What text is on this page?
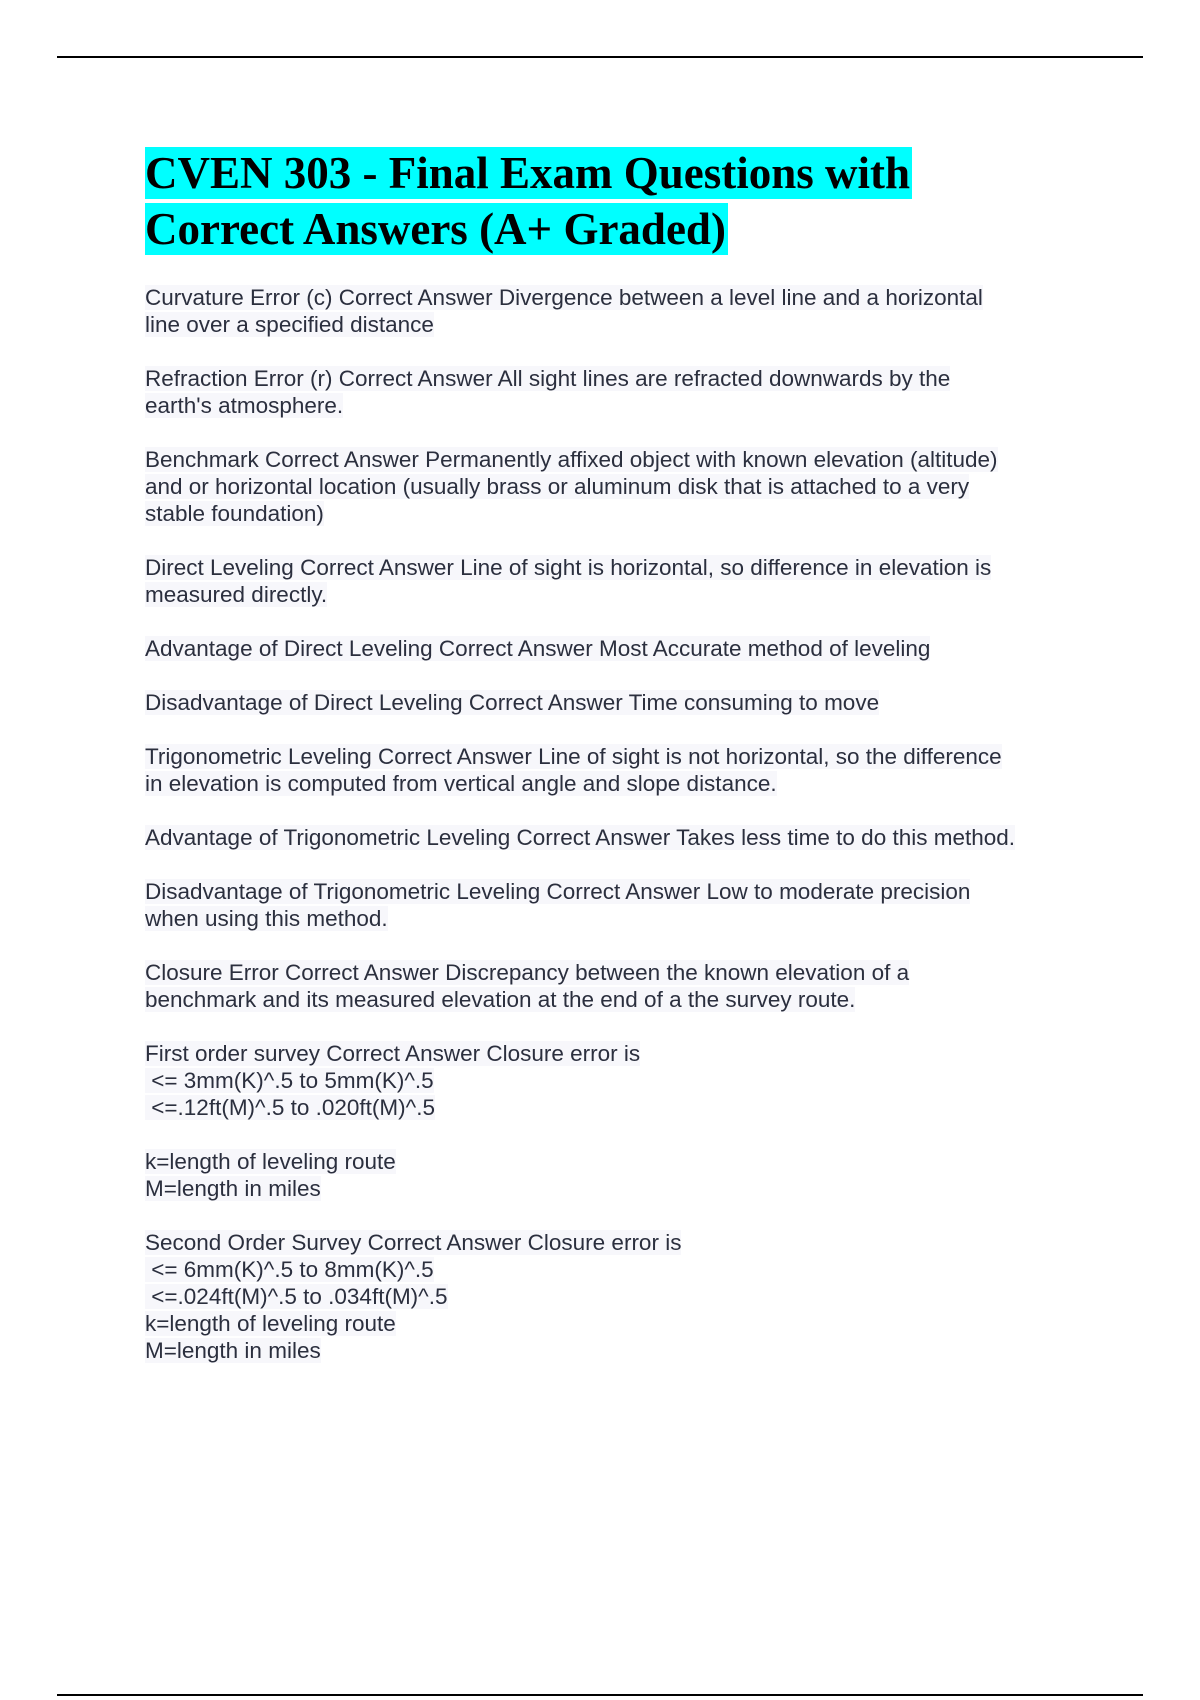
CVEN 303 - Final Exam Questions with
Correct Answers (A+ Graded)

Curvature Error (c) Correct Answer Divergence between a level line and a horizontal
line over a specified distance

Refraction Error (r) Correct Answer All sight lines are refracted downwards by the
earth's atmosphere.

Benchmark Correct Answer Permanently affixed object with known elevation (altitude)
and or horizontal location (usually brass or aluminum disk that is attached to a very
stable foundation)

Direct Leveling Correct Answer Line of sight is horizontal, so difference in elevation is
measured directly.

Advantage of Direct Leveling Correct Answer Most Accurate method of leveling

Disadvantage of Direct Leveling Correct Answer Time consuming to move

Trigonometric Leveling Correct Answer Line of sight is not horizontal, so the difference
in elevation is computed from vertical angle and slope distance.

Advantage of Trigonometric Leveling Correct Answer Takes less time to do this method.

Disadvantage of Trigonometric Leveling Correct Answer Low to moderate precision
when using this method.

Closure Error Correct Answer Discrepancy between the known elevation of a
benchmark and its measured elevation at the end of a the survey route.

First order survey Correct Answer Closure error is
<= 3mm(K)^.5 to 5mm(K)^.5
<=.12ft(M)^.5 to .020ft(M)^.5

k=length of leveling route
M=length in miles

Second Order Survey Correct Answer Closure error is
<= 6mm(K)^.5 to 8mm(K)^.5
<=.024ft(M)^.5 to .034ft(M)^.5
k=length of leveling route
M=length in miles
